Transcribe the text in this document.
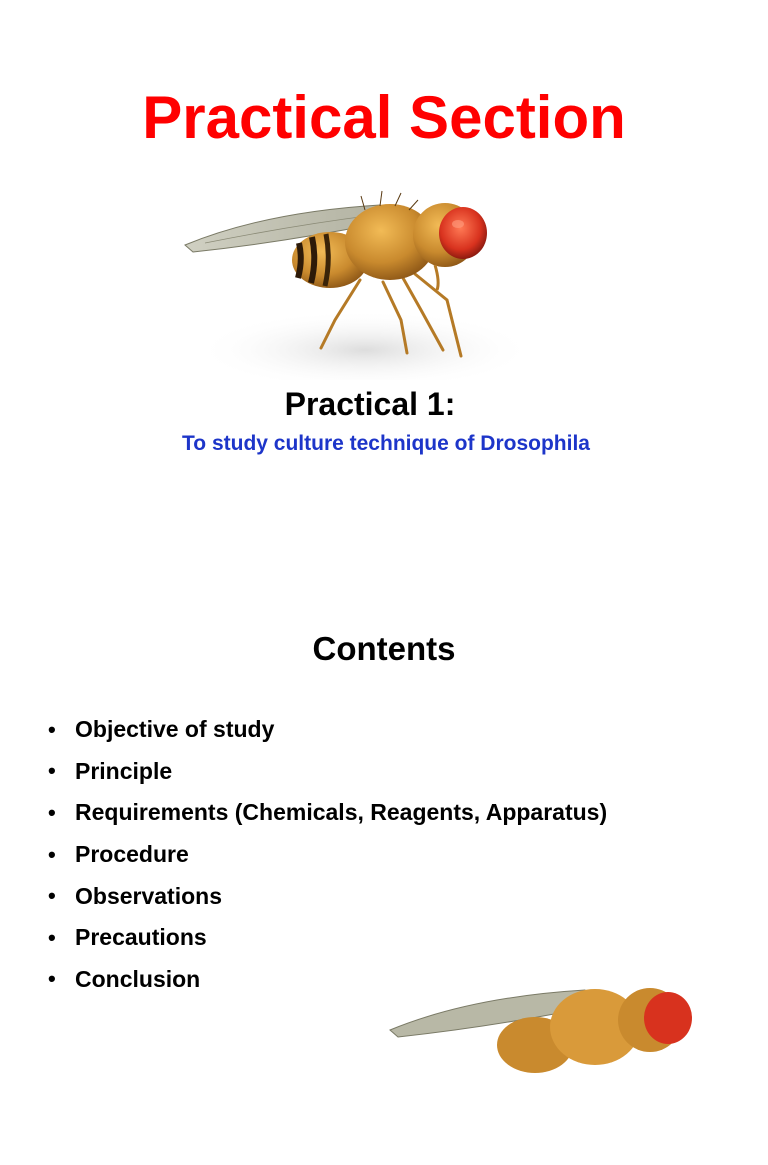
Practical Section
Practical 1:
To study culture technique of Drosophila
Contents
• Objective of study
• Principle
• Requirements (Chemicals, Reagents, Apparatus)
• Procedure
• Observations
• Precautions
• Conclusion
